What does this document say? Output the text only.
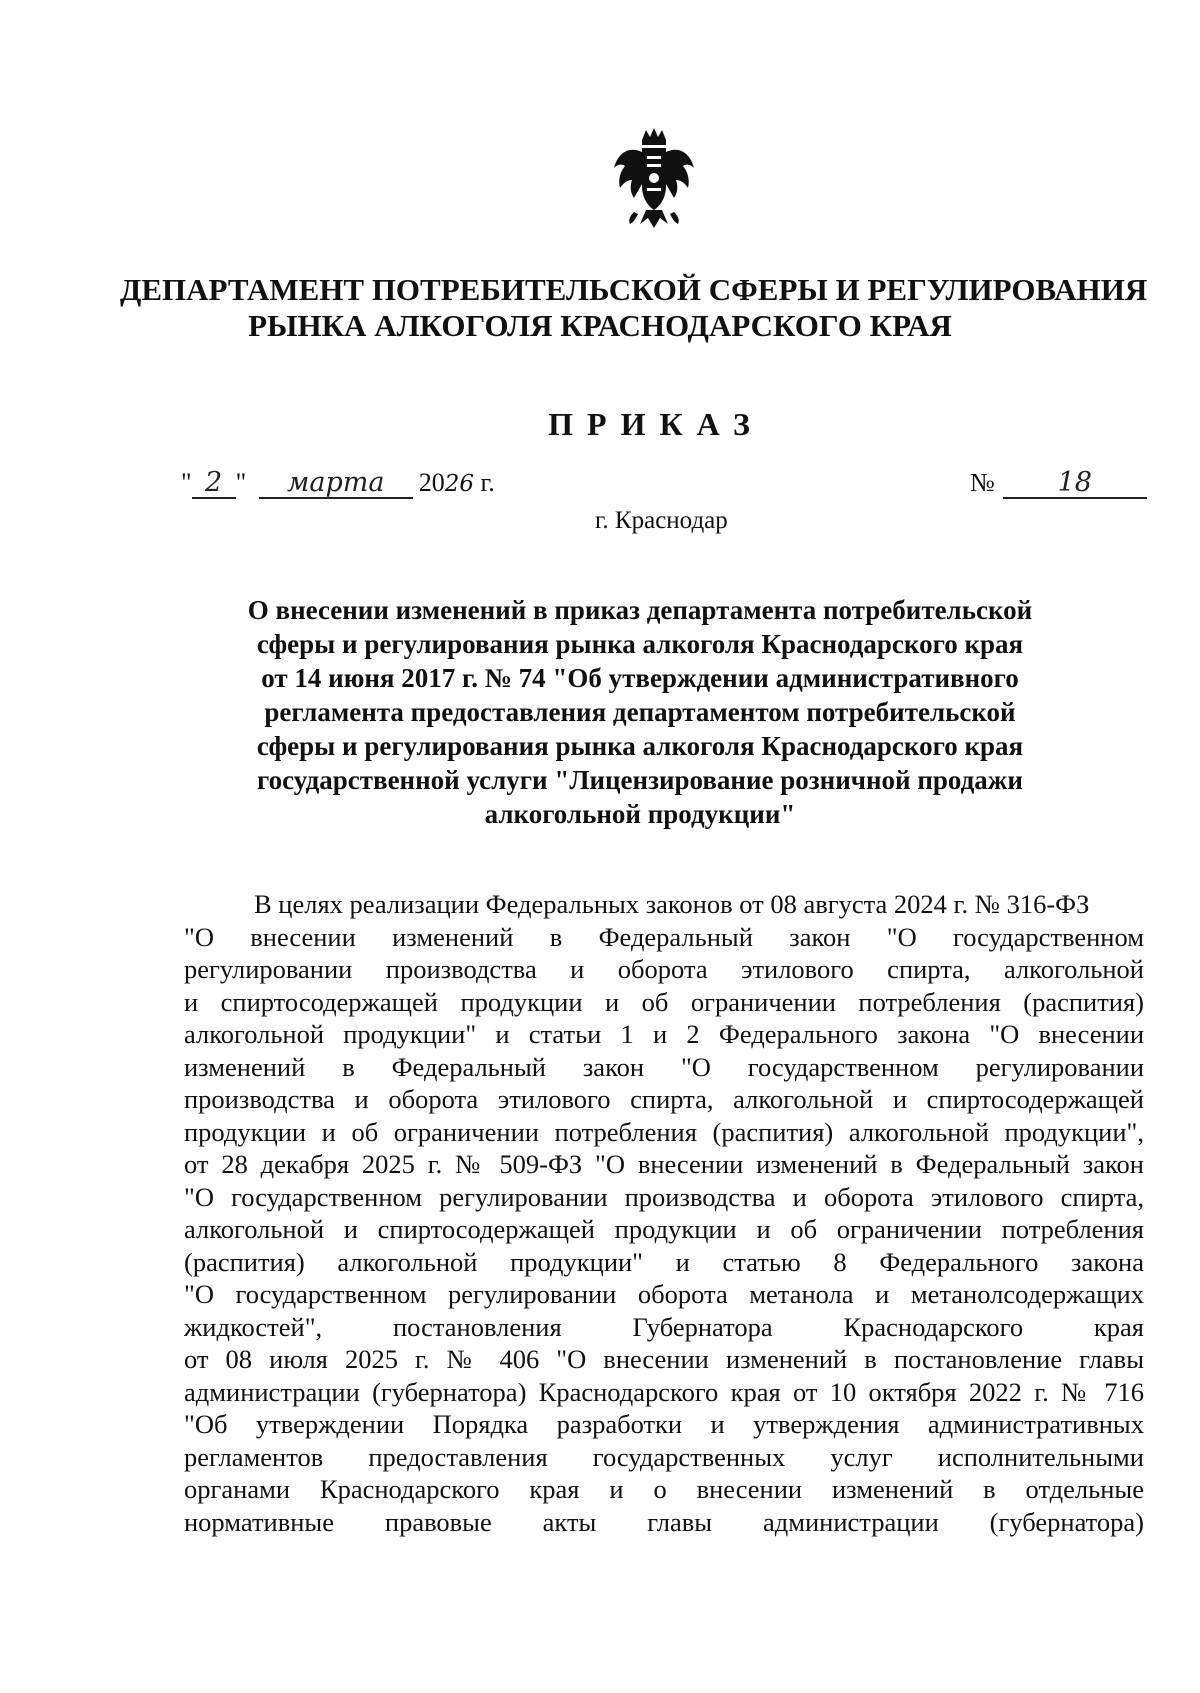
ДЕПАРТАМЕНТ ПОТРЕБИТЕЛЬСКОЙ СФЕРЫ И РЕГУЛИРОВАНИЯ
РЫНКА АЛКОГОЛЯ КРАСНОДАРСКОГО КРАЯ
ПРИКАЗ
" 2 " марта 2026 г.	№ 18
г. Краснодар
О внесении изменений в приказ департамента потребительской
сферы и регулирования рынка алкоголя Краснодарского края
от 14 июня 2017 г. № 74 "Об утверждении административного
регламента предоставления департаментом потребительской
сферы и регулирования рынка алкоголя Краснодарского края
государственной услуги "Лицензирование розничной продажи
алкогольной продукции"
В целях реализации Федеральных законов от 08 августа 2024 г. № 316-ФЗ
"О внесении изменений в Федеральный закон "О государственном
регулировании производства и оборота этилового спирта, алкогольной
и спиртосодержащей продукции и об ограничении потребления (распития)
алкогольной продукции" и статьи 1 и 2 Федерального закона "О внесении
изменений в Федеральный закон "О государственном регулировании
производства и оборота этилового спирта, алкогольной и спиртосодержащей
продукции и об ограничении потребления (распития) алкогольной продукции",
от 28 декабря 2025 г. № 509-ФЗ "О внесении изменений в Федеральный закон
"О государственном регулировании производства и оборота этилового спирта,
алкогольной и спиртосодержащей продукции и об ограничении потребления
(распития) алкогольной продукции" и статью 8 Федерального закона
"О государственном регулировании оборота метанола и метанолсодержащих
жидкостей", постановления Губернатора Краснодарского края
от 08 июля 2025 г. № 406 "О внесении изменений в постановление главы
администрации (губернатора) Краснодарского края от 10 октября 2022 г. № 716
"Об утверждении Порядка разработки и утверждения административных
регламентов предоставления государственных услуг исполнительными
органами Краснодарского края и о внесении изменений в отдельные
нормативные правовые акты главы администрации (губернатора)
